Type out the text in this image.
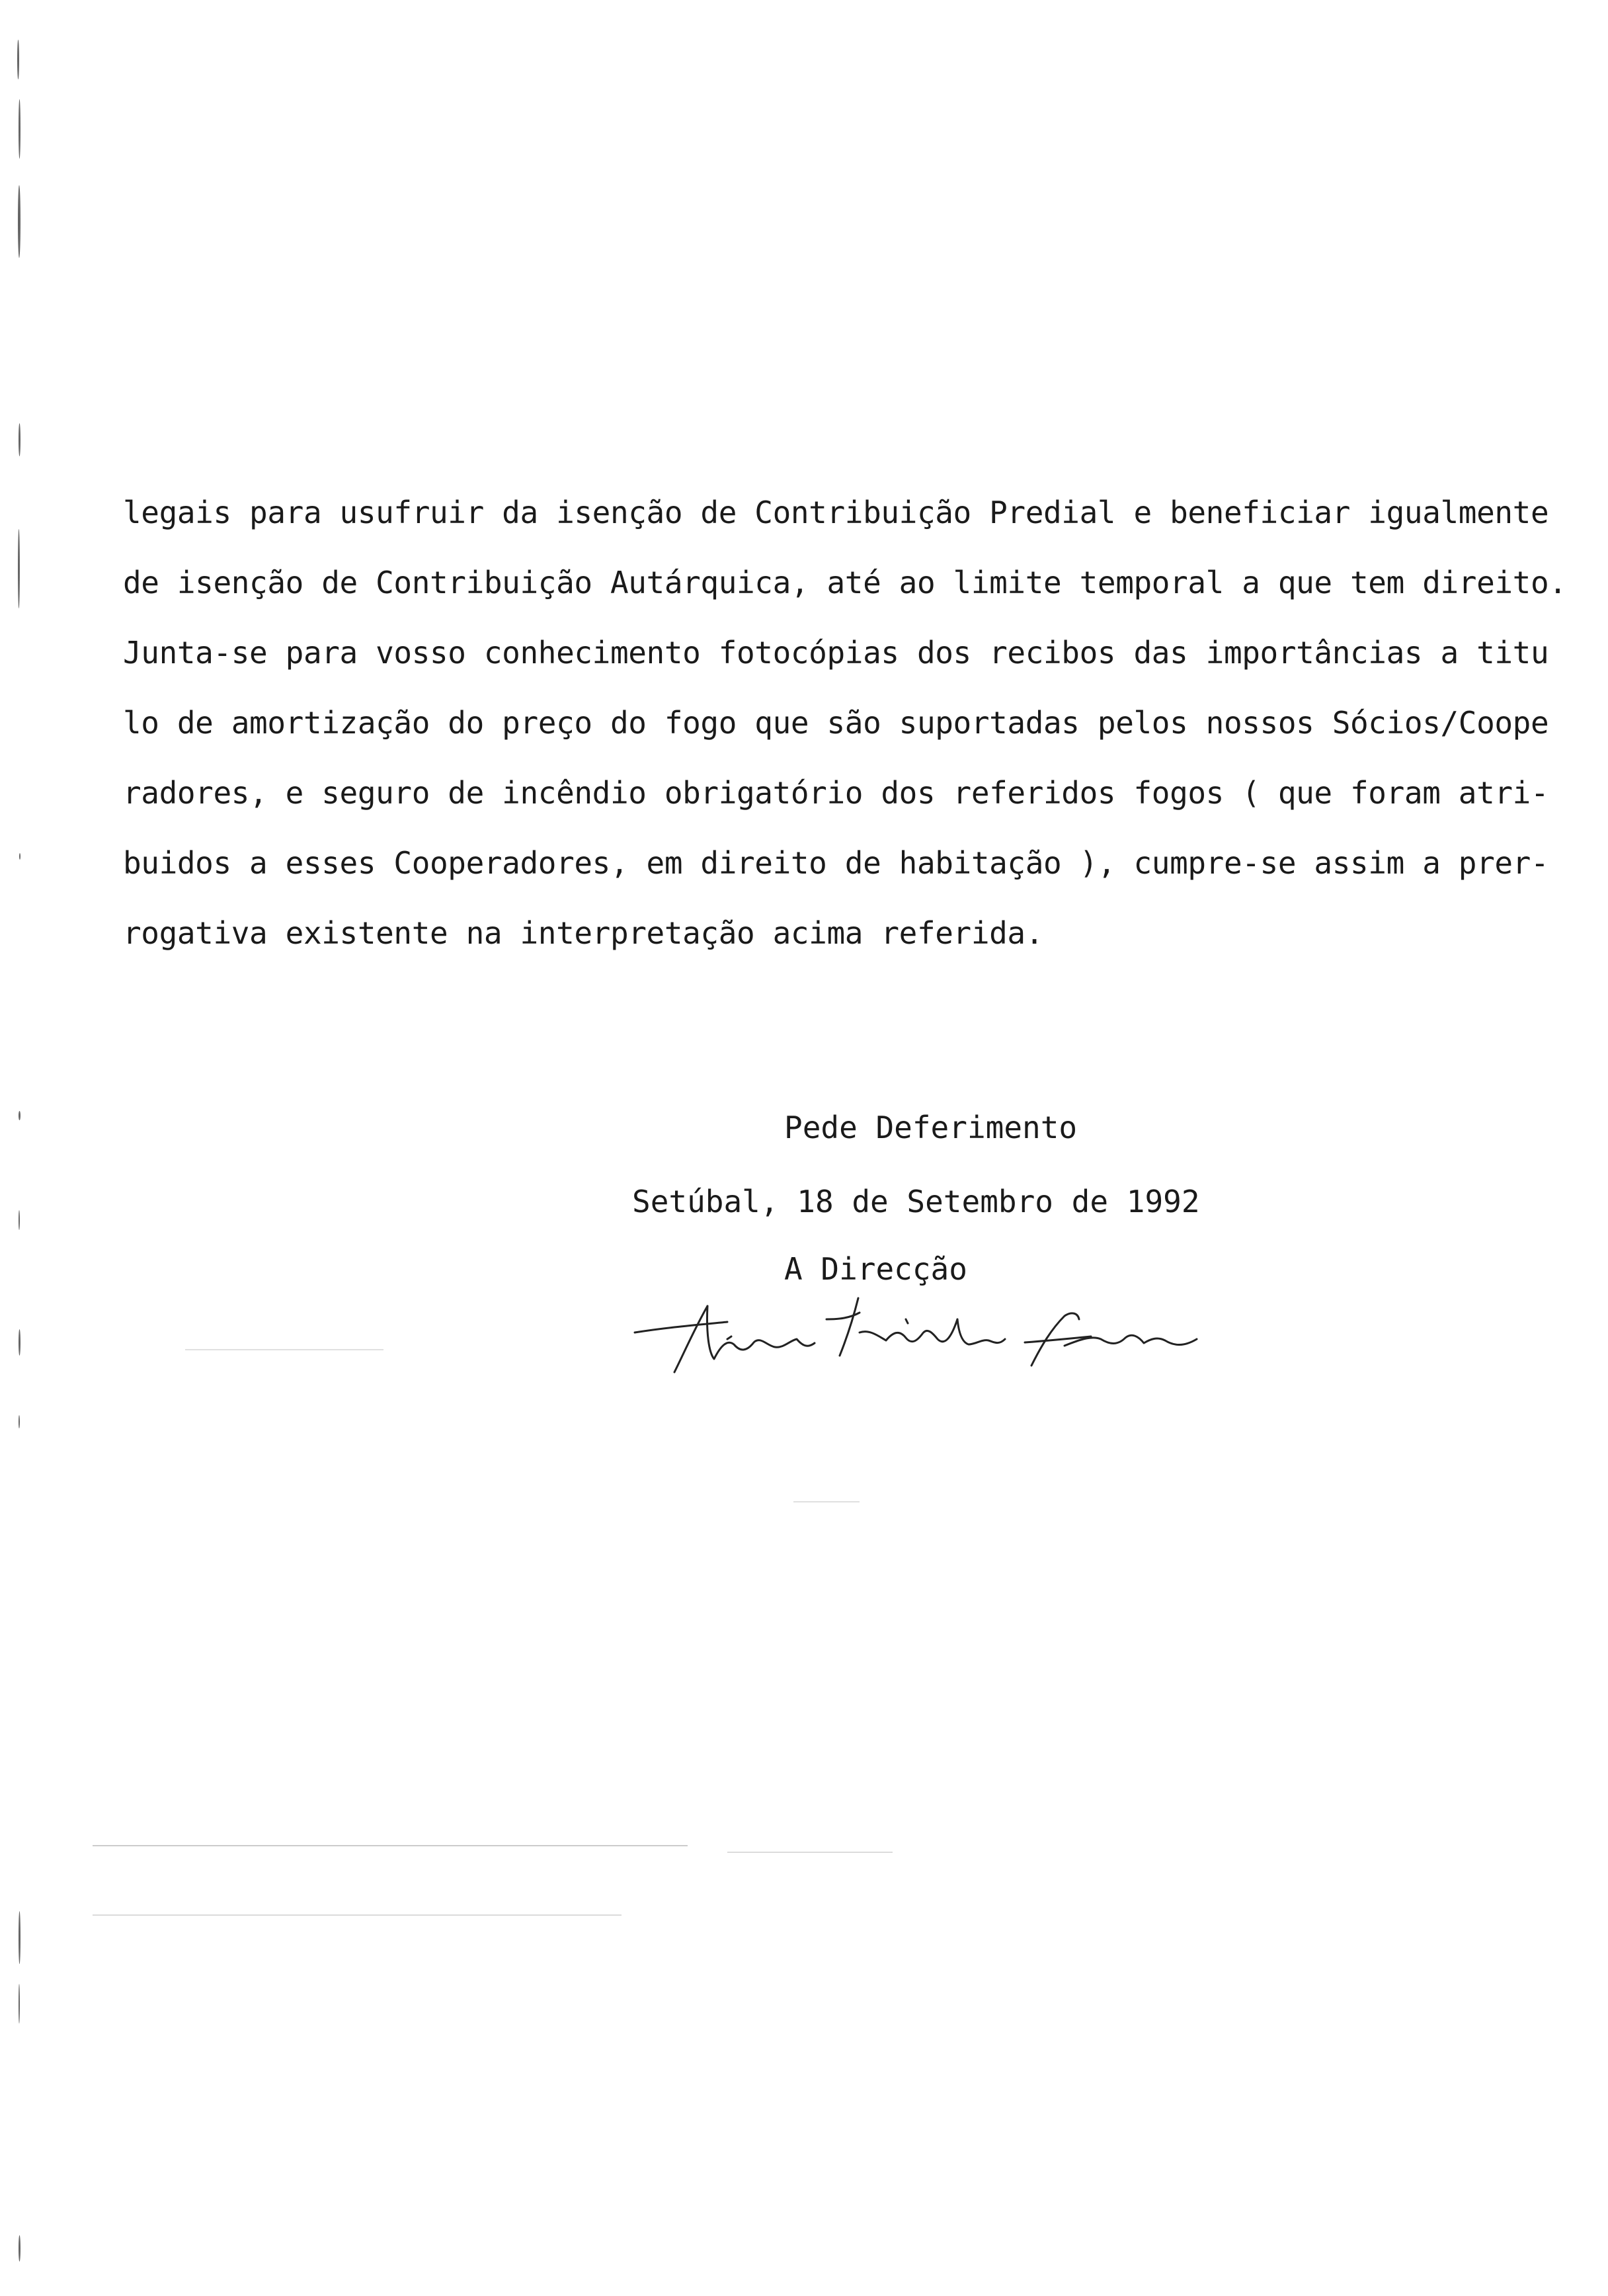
legais para usufruir da isenção de Contribuição Predial e beneficiar igualmente
de isenção de Contribuição Autárquica, até ao limite temporal a que tem direito.
Junta-se para vosso conhecimento fotocópias dos recibos das importâncias a titu
lo de amortização do preço do fogo que são suportadas pelos nossos Sócios/Coope
radores, e seguro de incêndio obrigatório dos referidos fogos ( que foram atri-
buidos a esses Cooperadores, em direito de habitação ), cumpre-se assim a prer-
rogativa existente na interpretação acima referida.
Pede Deferimento
Setúbal, 18 de Setembro de 1992
A Direcção
